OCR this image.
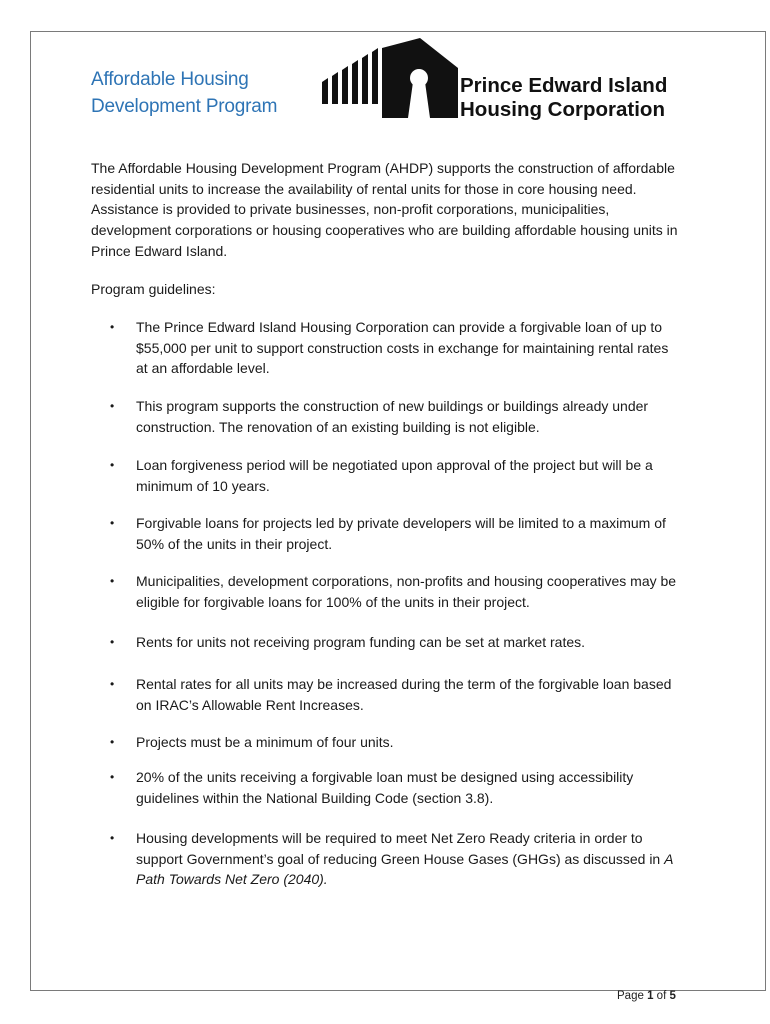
Affordable Housing
Development Program
Prince Edward Island
Housing Corporation

The Affordable Housing Development Program (AHDP) supports the construction of affordable residential units to increase the availability of rental units for those in core housing need. Assistance is provided to private businesses, non-profit corporations, municipalities, development corporations or housing cooperatives who are building affordable housing units in Prince Edward Island.

Program guidelines:

• The Prince Edward Island Housing Corporation can provide a forgivable loan of up to $55,000 per unit to support construction costs in exchange for maintaining rental rates at an affordable level.
• This program supports the construction of new buildings or buildings already under construction. The renovation of an existing building is not eligible.
• Loan forgiveness period will be negotiated upon approval of the project but will be a minimum of 10 years.
• Forgivable loans for projects led by private developers will be limited to a maximum of 50% of the units in their project.
• Municipalities, development corporations, non-profits and housing cooperatives may be eligible for forgivable loans for 100% of the units in their project.
• Rents for units not receiving program funding can be set at market rates.
• Rental rates for all units may be increased during the term of the forgivable loan based on IRAC’s Allowable Rent Increases.
• Projects must be a minimum of four units.
• 20% of the units receiving a forgivable loan must be designed using accessibility guidelines within the National Building Code (section 3.8).
• Housing developments will be required to meet Net Zero Ready criteria in order to support Government’s goal of reducing Green House Gases (GHGs) as discussed in A Path Towards Net Zero (2040).
Page 1 of 5
